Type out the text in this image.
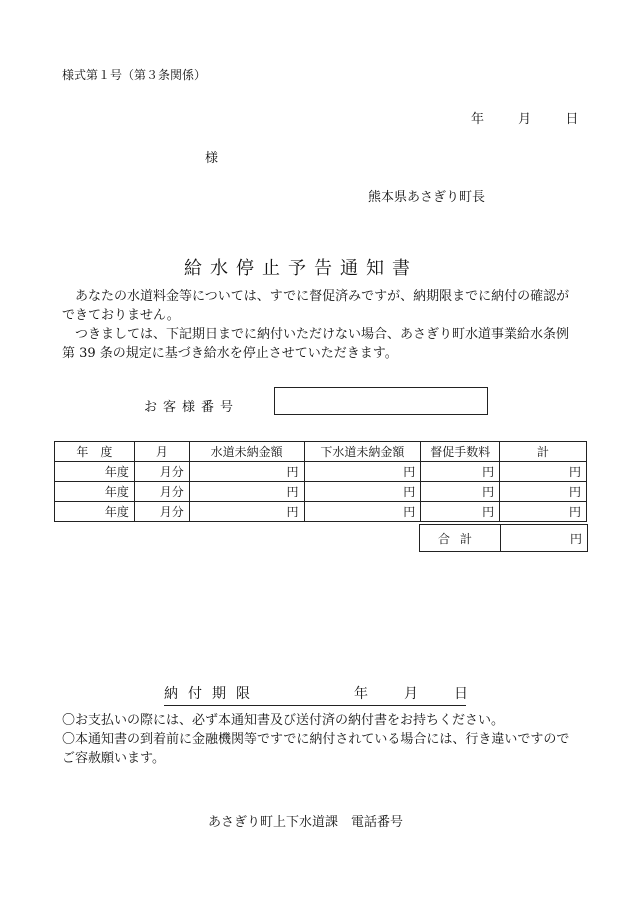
様式第１号（第３条関係）
年	月	日
様
熊本県あさぎり町長
給水停止予告通知書

あなたの水道料金等については、すでに督促済みですが、納期限までに納付の確認ができておりません。

つきましては、下記期日までに納付いただけない場合、あさぎり町水道事業給水条例第 39 条の規定に基づき給水を停止させていただきます。

お客様番号
年　度	月	水道未納金額	下水道未納金額	督促手数料	計
年度	月分	円	円	円	円
年度	月分	円	円	円	円
年度	月分	円	円	円	円
合計	円
納付期限	年	月	日

〇お支払いの際には、必ず本通知書及び送付済の納付書をお持ちください。

〇本通知書の到着前に金融機関等ですでに納付されている場合には、行き違いですのでご容赦願います。

あさぎり町上下水道課　電話番号
